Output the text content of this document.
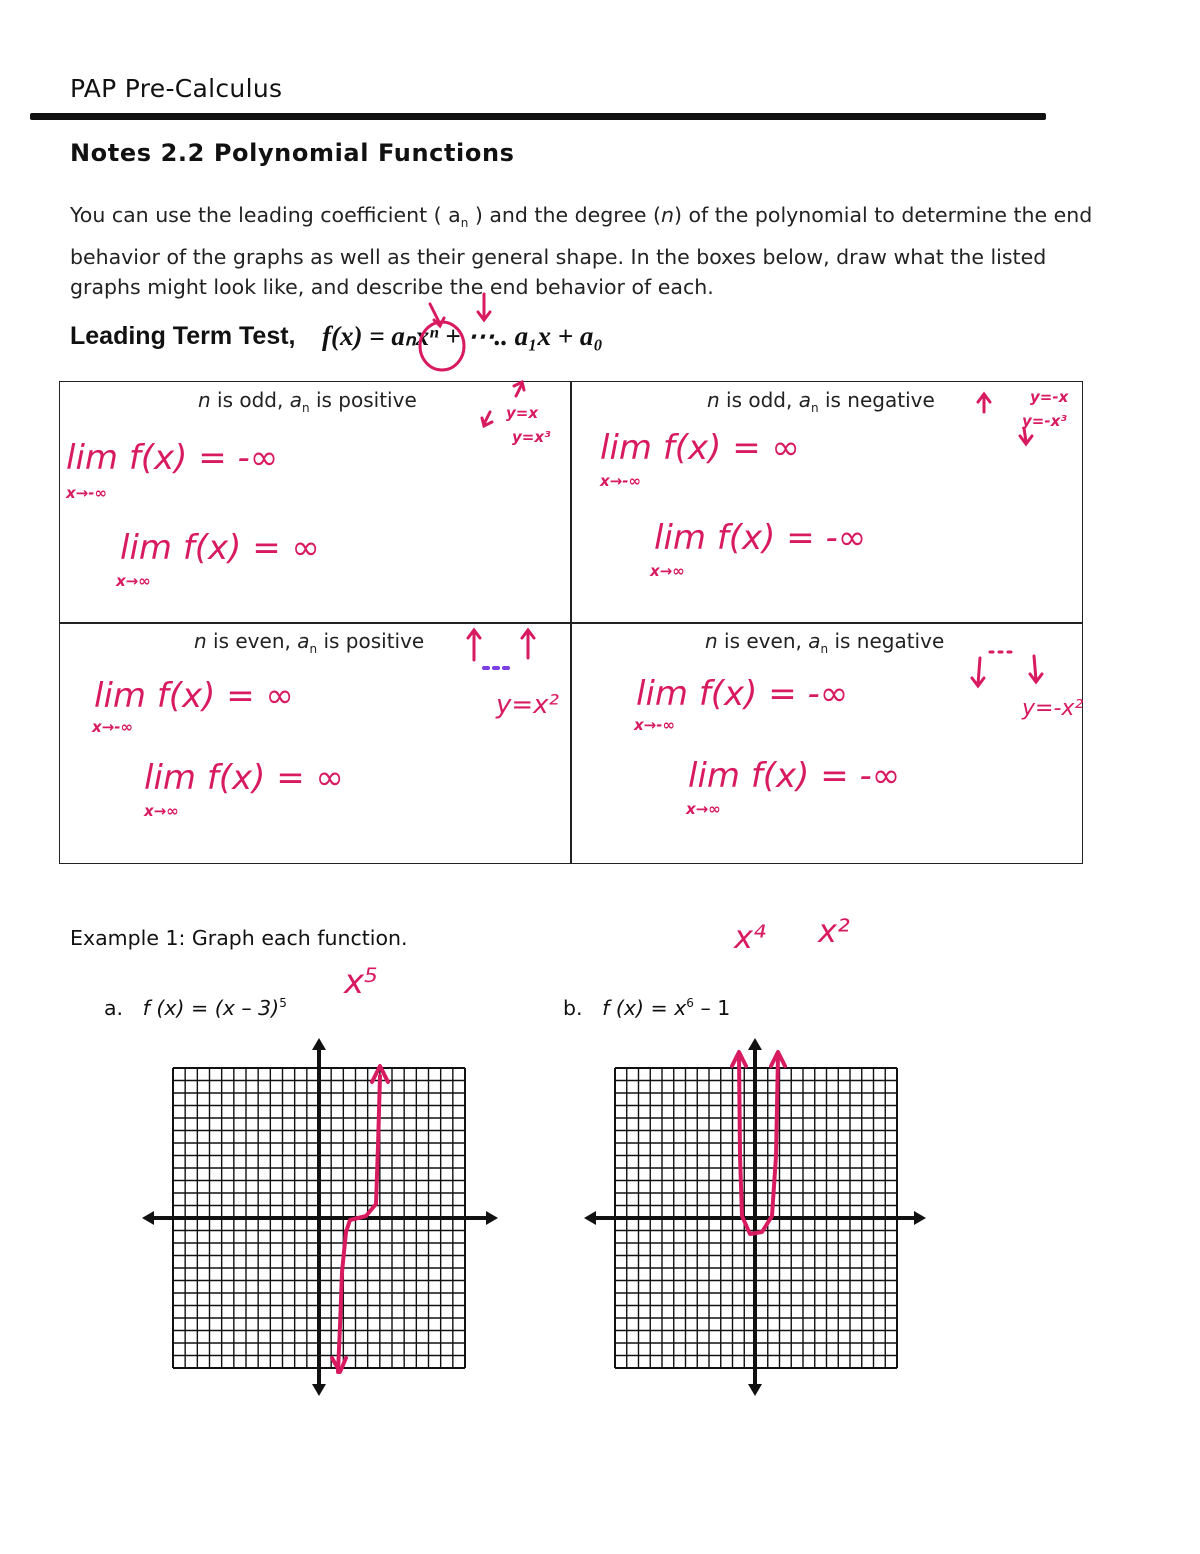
PAP Pre-Calculus
Notes 2.2 Polynomial Functions

You can use the leading coefficient ( $a_n$ ) and the degree (n) of the polynomial to determine the end

behavior of the graphs as well as their general shape. In the boxes below, draw what the listed

graphs might look like, and describe the end behavior of each.

Leading Term Test, f(x) = aₙxⁿ + ⋯.. a₁x + a₀
n is odd, $a_n$ is positive
lim f(x) = -∞
x→-∞
lim f(x) = ∞
x→∞
y=x
y=x³
n is odd, $a_n$ is negative
lim f(x) = ∞
x→-∞
lim f(x) = -∞
x→∞
y=-x
y=-x³
n is even, $a_n$ is positive
lim f(x) = ∞
x→-∞
lim f(x) = ∞
x→∞
y=x²
n is even, $a_n$ is negative
lim f(x) = -∞
x→-∞
lim f(x) = -∞
x→∞
y=-x²
Example 1: Graph each function.
a. f (x) = (x – 3)$^5$
x⁵
b. f $(x) = x^6 - 1$
x⁴ x²
